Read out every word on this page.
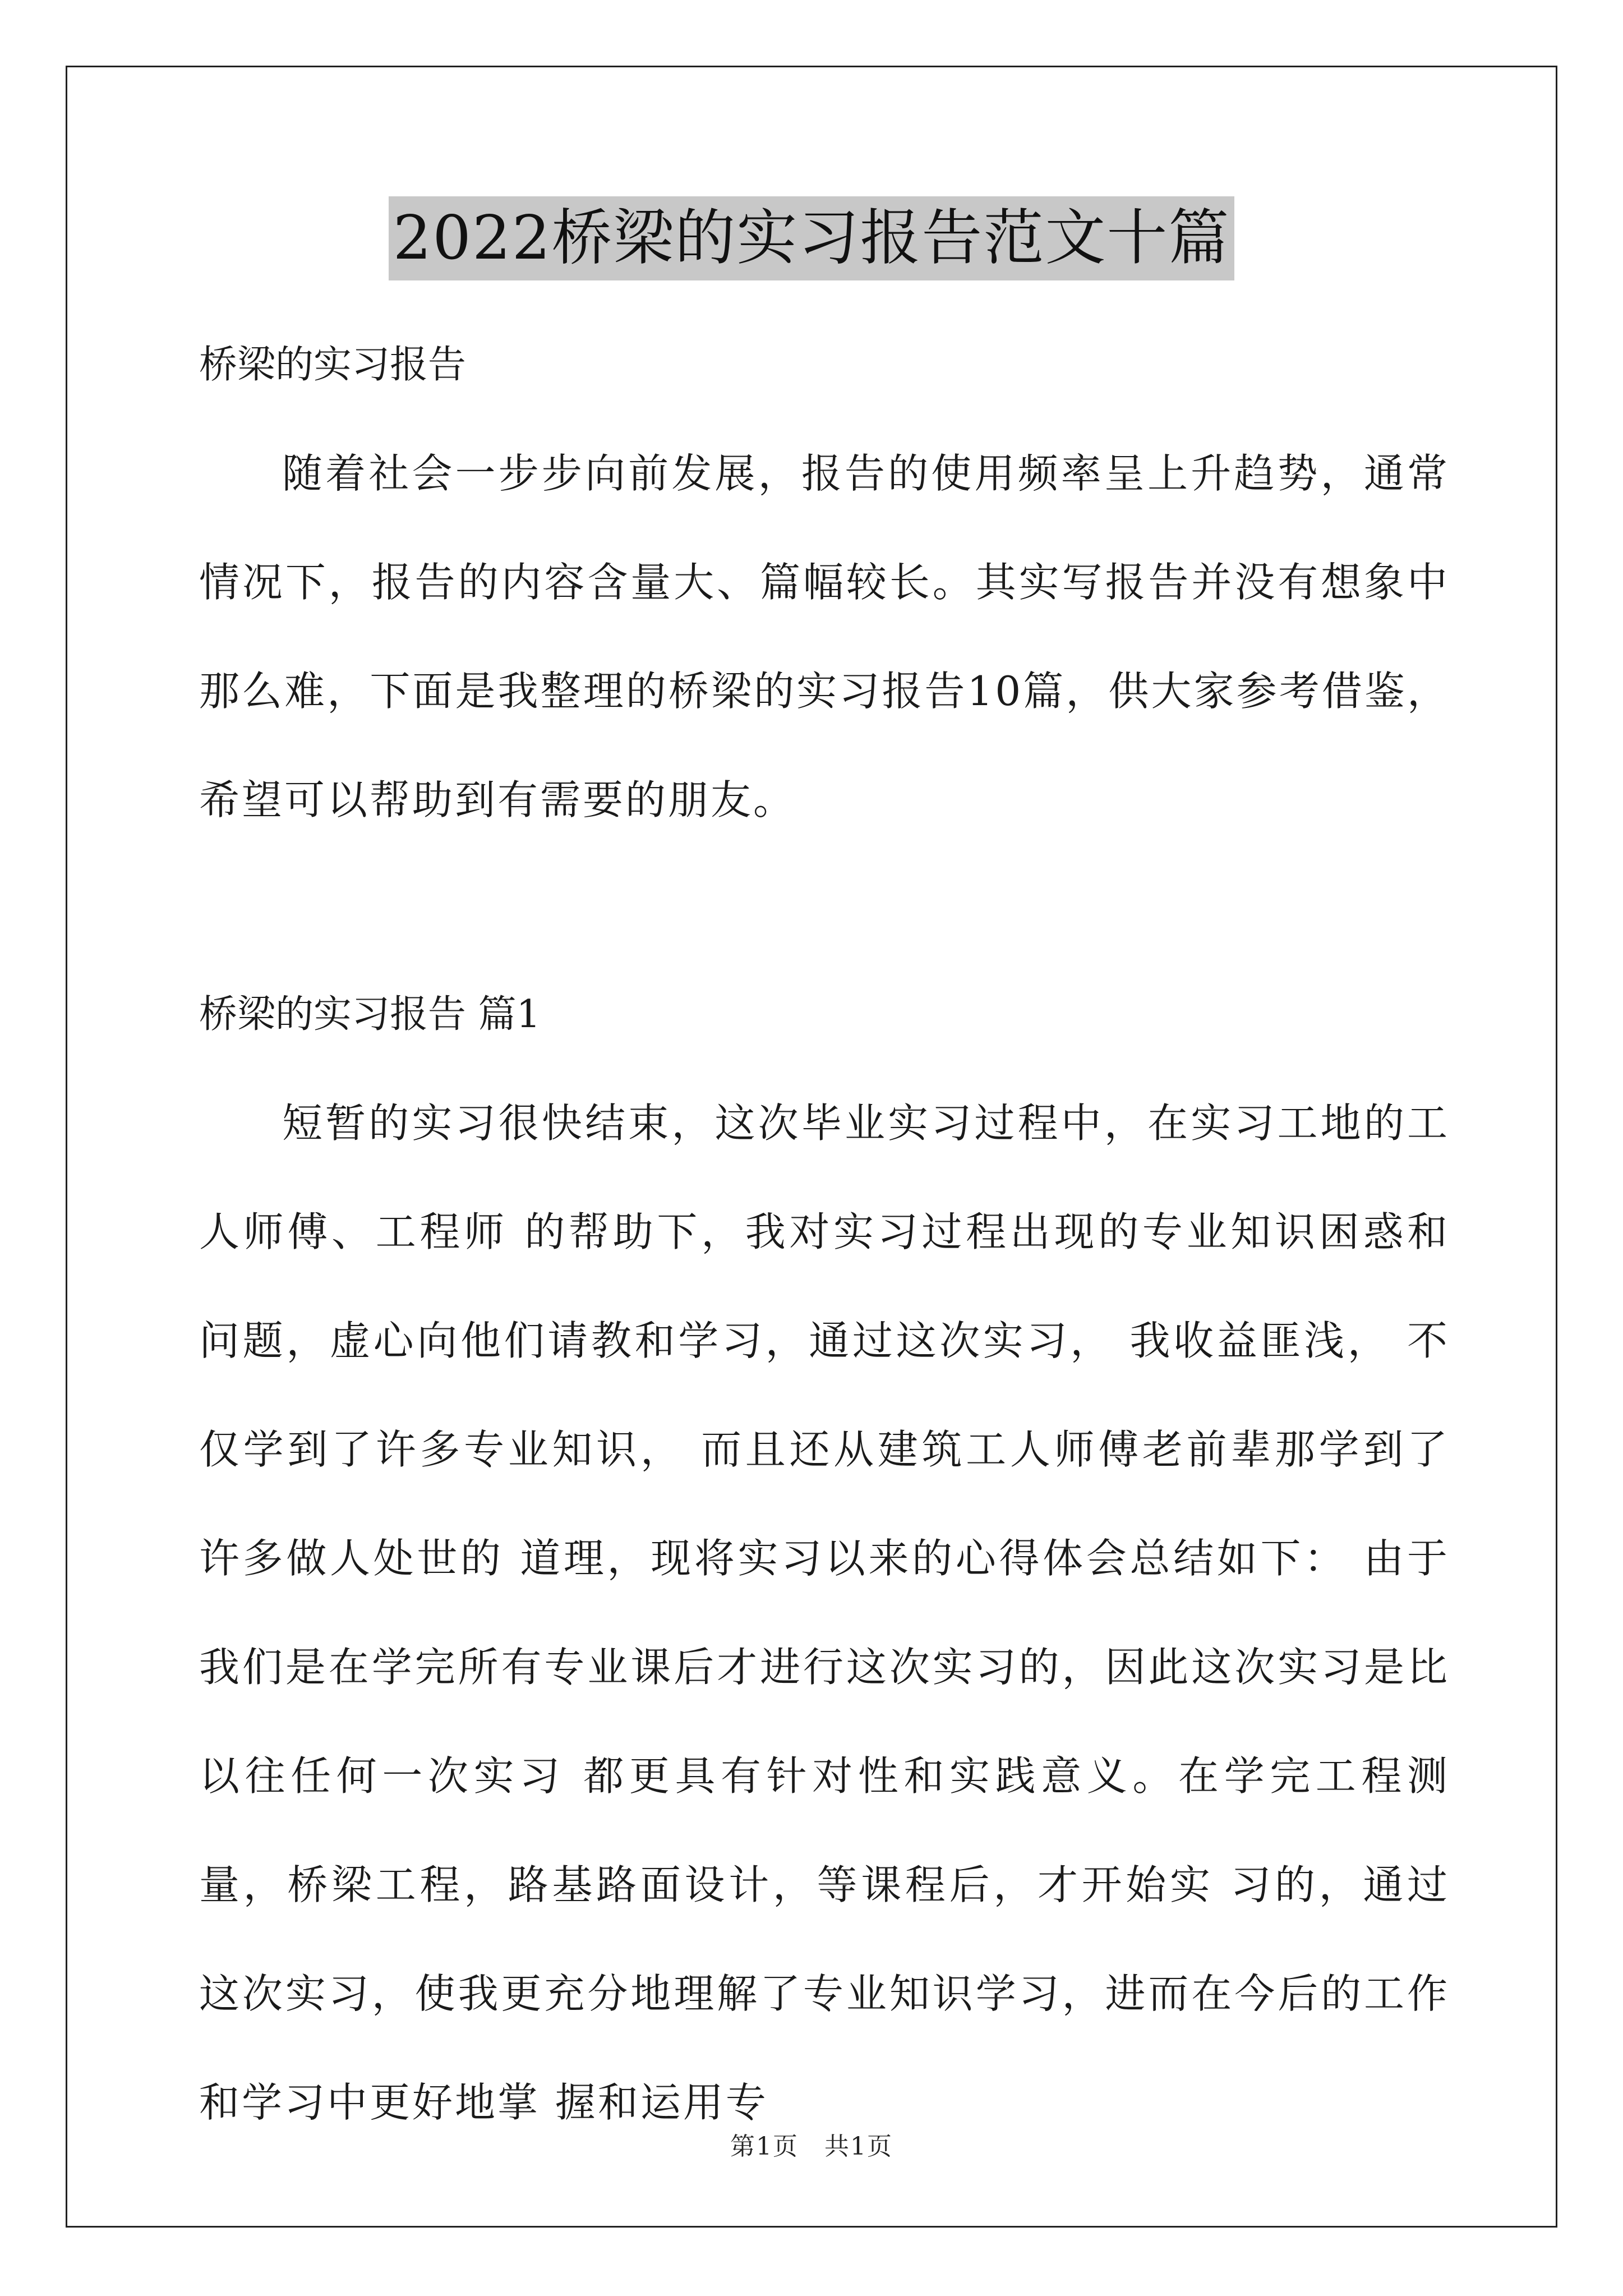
2022桥梁的实习报告范文十篇

桥梁的实习报告

随着社会一步步向前发展，报告的使用频率呈上升趋势，通常情况下，报告的内容含量大、篇幅较长。其实写报告并没有想象中那么难，下面是我整理的桥梁的实习报告10篇，供大家参考借鉴，希望可以帮助到有需要的朋友。

桥梁的实习报告 篇1

短暂的实习很快结束，这次毕业实习过程中，在实习工地的工人师傅、工程师 的帮助下，我对实习过程出现的专业知识困惑和问题，虚心向他们请教和学习，通过这次实习， 我收益匪浅， 不仅学到了许多专业知识， 而且还从建筑工人师傅老前辈那学到了许多做人处世的 道理，现将实习以来的心得体会总结如下： 由于我们是在学完所有专业课后才进行这次实习的，因此这次实习是比以往任何一次实习 都更具有针对性和实践意义。在学完工程测量，桥梁工程，路基路面设计，等课程后，才开始实 习的，通过这次实习，使我更充分地理解了专业知识学习，进而在今后的工作和学习中更好地掌 握和运用专

第1页　共1页
